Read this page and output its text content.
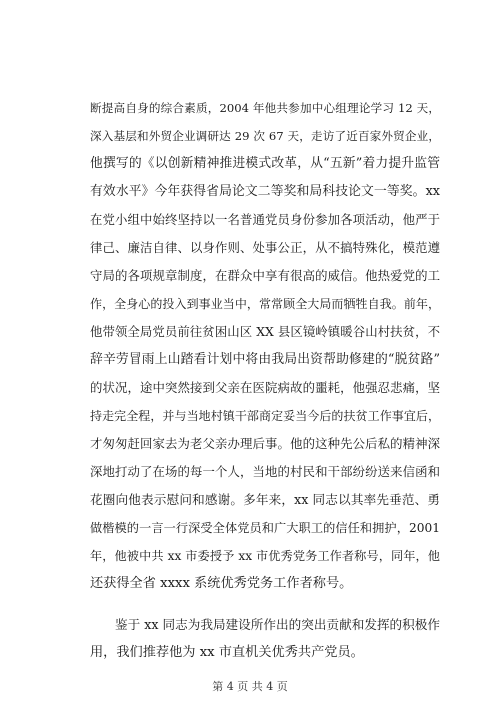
断提高自身的综合素质，2004 年他共参加中心组理论学习 12 天，
深入基层和外贸企业调研达 29 次 67 天，走访了近百家外贸企业，
他撰写的《以创新精神推进模式改革，从“五新”着力提升监管
有效水平》今年获得省局论文二等奖和局科技论文一等奖。xx
在党小组中始终坚持以一名普通党员身份参加各项活动，他严于
律己、廉洁自律、以身作则、处事公正，从不搞特殊化，模范遵
守局的各项规章制度，在群众中享有很高的威信。他热爱党的工
作，全身心的投入到事业当中，常常顾全大局而牺牲自我。前年，
他带领全局党员前往贫困山区 XX 县区镜岭镇暖谷山村扶贫，不
辞辛劳冒雨上山踏看计划中将由我局出资帮助修建的“脱贫路”
的状况，途中突然接到父亲在医院病故的噩耗，他强忍悲痛，坚
持走完全程，并与当地村镇干部商定妥当今后的扶贫工作事宜后，
才匆匆赶回家去为老父亲办理后事。他的这种先公后私的精神深
深地打动了在场的每一个人，当地的村民和干部纷纷送来信函和
花圈向他表示慰问和感谢。多年来，xx 同志以其率先垂范、勇
做楷模的一言一行深受全体党员和广大职工的信任和拥护，2001
年，他被中共 xx 市委授予 xx 市优秀党务工作者称号，同年，他
还获得全省 xxxx 系统优秀党务工作者称号。
鉴于 xx 同志为我局建设所作出的突出贡献和发挥的积极作
用，我们推荐他为 xx 市直机关优秀共产党员。
第 4 页 共 4 页
